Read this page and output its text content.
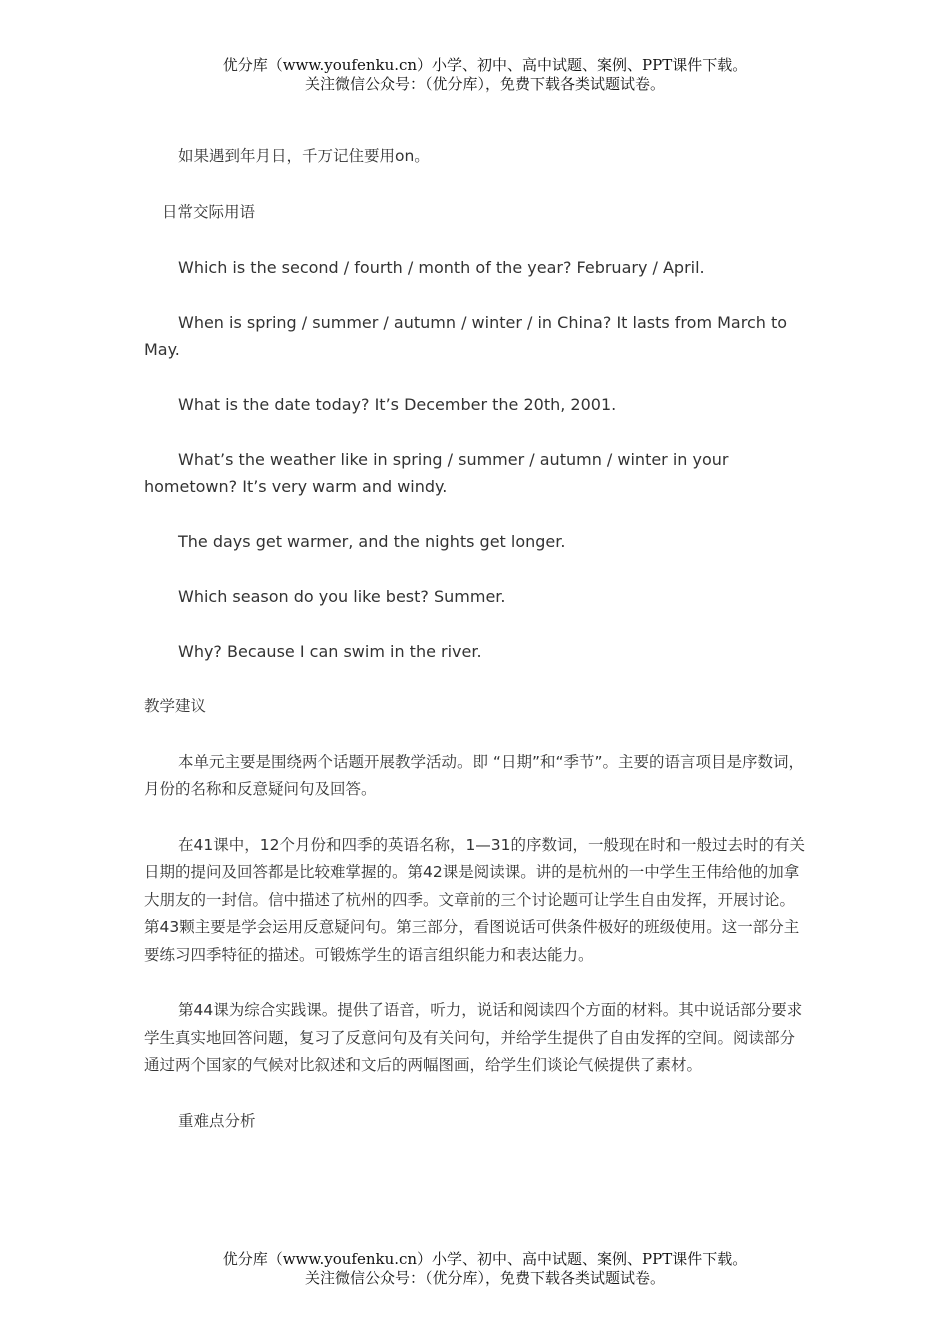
优分库（www.youfenku.cn）小学、初中、高中试题、案例、PPT课件下载。
关注微信公众号：（优分库），免费下载各类试题试卷。

如果遇到年月日，千万记住要用on。

日常交际用语

Which is the second / fourth / month of the year? February / April.

When is spring / summer / autumn / winter / in China? It lasts from March to May.

What is the date today? It’s December the 20th, 2001.

What’s the weather like in spring / summer / autumn / winter in your hometown? It’s very warm and windy.

The days get warmer, and the nights get longer.

Which season do you like best? Summer.

Why? Because I can swim in the river.

教学建议

本单元主要是围绕两个话题开展教学活动。即 “日期”和“季节”。主要的语言项目是序数词，月份的名称和反意疑问句及回答。

在41课中，12个月份和四季的英语名称，1—31的序数词，一般现在时和一般过去时的有关日期的提问及回答都是比较难掌握的。第42课是阅读课。讲的是杭州的一中学生王伟给他的加拿大朋友的一封信。信中描述了杭州的四季。文章前的三个讨论题可让学生自由发挥，开展讨论。第43颗主要是学会运用反意疑问句。第三部分，看图说话可供条件极好的班级使用。这一部分主要练习四季特征的描述。可锻炼学生的语言组织能力和表达能力。

第44课为综合实践课。提供了语音，听力，说话和阅读四个方面的材料。其中说话部分要求学生真实地回答问题，复习了反意问句及有关问句，并给学生提供了自由发挥的空间。阅读部分通过两个国家的气候对比叙述和文后的两幅图画，给学生们谈论气候提供了素材。

重难点分析

优分库（www.youfenku.cn）小学、初中、高中试题、案例、PPT课件下载。
关注微信公众号：（优分库），免费下载各类试题试卷。
